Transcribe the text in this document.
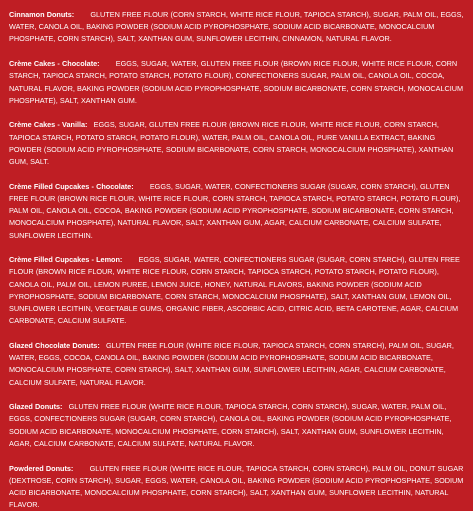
Cinnamon Donuts: GLUTEN FREE FLOUR (CORN STARCH, WHITE RICE FLOUR, TAPIOCA STARCH), SUGAR, PALM OIL, EGGS, WATER, CANOLA OIL, BAKING POWDER (SODIUM ACID PYROPHOSPHATE, SODIUM ACID BICARBONATE, MONOCALCIUM PHOSPHATE, CORN STARCH), SALT, XANTHAN GUM, SUNFLOWER LECITHIN, CINNAMON, NATURAL FLAVOR.

Crème Cakes - Chocolate: EGGS, SUGAR, WATER, GLUTEN FREE FLOUR (BROWN RICE FLOUR, WHITE RICE FLOUR, CORN STARCH, TAPIOCA STARCH, POTATO STARCH, POTATO FLOUR), CONFECTIONERS SUGAR, PALM OIL, CANOLA OIL, COCOA, NATURAL FLAVOR, BAKING POWDER (SODIUM ACID PYROPHOSPHATE, SODIUM BICARBONATE, CORN STARCH, MONOCALCIUM PHOSPHATE), SALT, XANTHAN GUM.

Crème Cakes - Vanilla: EGGS, SUGAR, GLUTEN FREE FLOUR (BROWN RICE FLOUR, WHITE RICE FLOUR, CORN STARCH, TAPIOCA STARCH, POTATO STARCH, POTATO FLOUR), WATER, PALM OIL, CANOLA OIL, PURE VANILLA EXTRACT, BAKING POWDER (SODIUM ACID PYROPHOSPHATE, SODIUM BICARBONATE, CORN STARCH, MONOCALCIUM PHOSPHATE), XANTHAN GUM, SALT.

Crème Filled Cupcakes - Chocolate: EGGS, SUGAR, WATER, CONFECTIONERS SUGAR (SUGAR, CORN STARCH), GLUTEN FREE FLOUR (BROWN RICE FLOUR, WHITE RICE FLOUR, CORN STARCH, TAPIOCA STARCH, POTATO STARCH, POTATO FLOUR), PALM OIL, CANOLA OIL, COCOA, BAKING POWDER (SODIUM ACID PYROPHOSPHATE, SODIUM BICARBONATE, CORN STARCH, MONOCALCIUM PHOSPHATE), NATURAL FLAVOR, SALT, XANTHAN GUM, AGAR, CALCIUM CARBONATE, CALCIUM SULFATE, SUNFLOWER LECITHIN.

Crème Filled Cupcakes - Lemon: EGGS, SUGAR, WATER, CONFECTIONERS SUGAR (SUGAR, CORN STARCH), GLUTEN FREE FLOUR (BROWN RICE FLOUR, WHITE RICE FLOUR, CORN STARCH, TAPIOCA STARCH, POTATO STARCH, POTATO FLOUR), CANOLA OIL, PALM OIL, LEMON PUREE, LEMON JUICE, HONEY, NATURAL FLAVORS, BAKING POWDER (SODIUM ACID PYROPHOSPHATE, SODIUM BICARBONATE, CORN STARCH, MONOCALCIUM PHOSPHATE), SALT, XANTHAN GUM, LEMON OIL, SUNFLOWER LECITHIN, VEGETABLE GUMS, ORGANIC FIBER, ASCORBIC ACID, CITRIC ACID, BETA CAROTENE, AGAR, CALCIUM CARBONATE, CALCIUM SULFATE.

Glazed Chocolate Donuts: GLUTEN FREE FLOUR (WHITE RICE FLOUR, TAPIOCA STARCH, CORN STARCH), PALM OIL, SUGAR, WATER, EGGS, COCOA, CANOLA OIL, BAKING POWDER (SODIUM ACID PYROPHOSPHATE, SODIUM ACID BICARBONATE, MONOCALCIUM PHOSPHATE, CORN STARCH), SALT, XANTHAN GUM, SUNFLOWER LECITHIN, AGAR, CALCIUM CARBONATE, CALCIUM SULFATE, NATURAL FLAVOR.

Glazed Donuts: GLUTEN FREE FLOUR (WHITE RICE FLOUR, TAPIOCA STARCH, CORN STARCH), SUGAR, WATER, PALM OIL, EGGS, CONFECTIONERS SUGAR (SUGAR, CORN STARCH), CANOLA OIL, BAKING POWDER (SODIUM ACID PYROPHOSPHATE, SODIUM ACID BICARBONATE, MONOCALCIUM PHOSPHATE, CORN STARCH), SALT, XANTHAN GUM, SUNFLOWER LECITHIN, AGAR, CALCIUM CARBONATE, CALCIUM SULFATE, NATURAL FLAVOR.

Powdered Donuts: GLUTEN FREE FLOUR (WHITE RICE FLOUR, TAPIOCA STARCH, CORN STARCH), PALM OIL, DONUT SUGAR (DEXTROSE, CORN STARCH), SUGAR, EGGS, WATER, CANOLA OIL, BAKING POWDER (SODIUM ACID PYROPHOSPHATE, SODIUM ACID BICARBONATE, MONOCALCIUM PHOSPHATE, CORN STARCH), SALT, XANTHAN GUM, SUNFLOWER LECITHIN, NATURAL FLAVOR.
